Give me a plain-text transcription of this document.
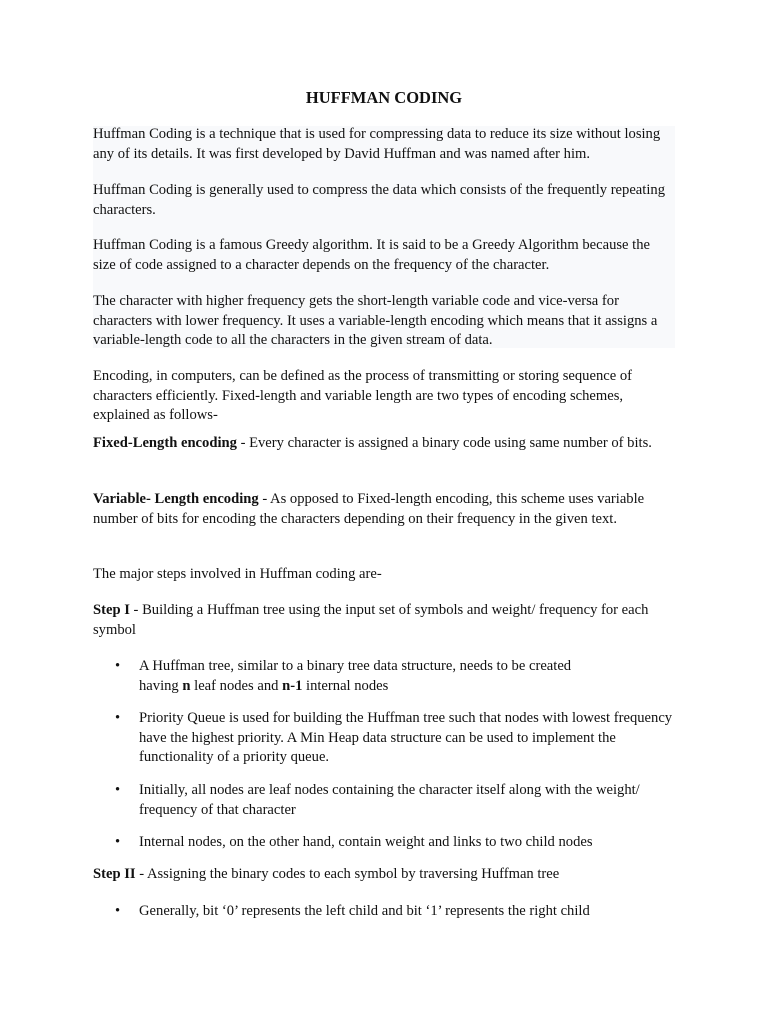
HUFFMAN CODING

Huffman Coding is a technique that is used for compressing data to reduce its size without losing any of its details. It was first developed by David Huffman and was named after him.

Huffman Coding is generally used to compress the data which consists of the frequently repeating characters.

Huffman Coding is a famous Greedy algorithm. It is said to be a Greedy Algorithm because the size of code assigned to a character depends on the frequency of the character.

The character with higher frequency gets the short-length variable code and vice-versa for characters with lower frequency. It uses a variable-length encoding which means that it assigns a variable-length code to all the characters in the given stream of data.

Encoding, in computers, can be defined as the process of transmitting or storing sequence of characters efficiently. Fixed-length and variable length are two types of encoding schemes, explained as follows-

Fixed-Length encoding - Every character is assigned a binary code using same number of bits.

Variable- Length encoding - As opposed to Fixed-length encoding, this scheme uses variable number of bits for encoding the characters depending on their frequency in the given text.

The major steps involved in Huffman coding are-

Step I - Building a Huffman tree using the input set of symbols and weight/ frequency for each symbol

• A Huffman tree, similar to a binary tree data structure, needs to be created having n leaf nodes and n-1 internal nodes
• Priority Queue is used for building the Huffman tree such that nodes with lowest frequency have the highest priority. A Min Heap data structure can be used to implement the functionality of a priority queue.
• Initially, all nodes are leaf nodes containing the character itself along with the weight/ frequency of that character
• Internal nodes, on the other hand, contain weight and links to two child nodes

Step II - Assigning the binary codes to each symbol by traversing Huffman tree

• Generally, bit ‘0’ represents the left child and bit ‘1’ represents the right child
